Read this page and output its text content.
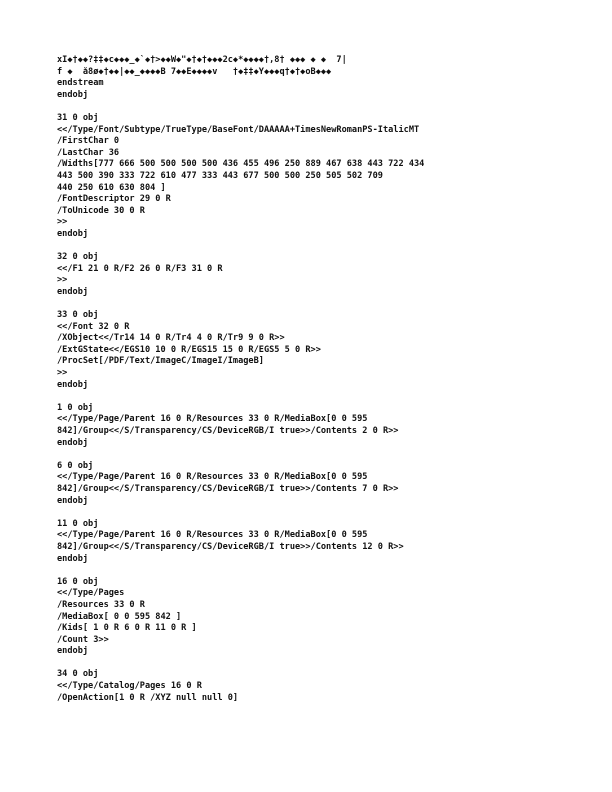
xI◆†◆◆?‡‡◆c◆◆◆_◆`◆†>◆◆W◆"◆†◆†◆◆◆2c◆*◆◆◆◆†,8† ◆◆◆ ◆ ◆  7|
f ◆  å8ø◆†◆◆|◆◆_◆◆◆◆B 7◆◆E◆◆◆◆v   †◆‡‡◆Y◆◆◆q†◆†◆oB◆◆◆
endstream
endobj
31 0 obj
<</Type/Font/Subtype/TrueType/BaseFont/DAAAAA+TimesNewRomanPS-ItalicMT
/FirstChar 0
/LastChar 36
/Widths[777 666 500 500 500 500 436 455 496 250 889 467 638 443 722 434
443 500 390 333 722 610 477 333 443 677 500 500 250 505 502 709
440 250 610 630 804 ]
/FontDescriptor 29 0 R
/ToUnicode 30 0 R
>>
endobj
32 0 obj
<</F1 21 0 R/F2 26 0 R/F3 31 0 R
>>
endobj
33 0 obj
<</Font 32 0 R
/XObject<</Tr14 14 0 R/Tr4 4 0 R/Tr9 9 0 R>>
/ExtGState<</EGS10 10 0 R/EGS15 15 0 R/EGS5 5 0 R>>
/ProcSet[/PDF/Text/ImageC/ImageI/ImageB]
>>
endobj
1 0 obj
<</Type/Page/Parent 16 0 R/Resources 33 0 R/MediaBox[0 0 595
842]/Group<</S/Transparency/CS/DeviceRGB/I true>>/Contents 2 0 R>>
endobj
6 0 obj
<</Type/Page/Parent 16 0 R/Resources 33 0 R/MediaBox[0 0 595
842]/Group<</S/Transparency/CS/DeviceRGB/I true>>/Contents 7 0 R>>
endobj
11 0 obj
<</Type/Page/Parent 16 0 R/Resources 33 0 R/MediaBox[0 0 595
842]/Group<</S/Transparency/CS/DeviceRGB/I true>>/Contents 12 0 R>>
endobj
16 0 obj
<</Type/Pages
/Resources 33 0 R
/MediaBox[ 0 0 595 842 ]
/Kids[ 1 0 R 6 0 R 11 0 R ]
/Count 3>>
endobj
34 0 obj
<</Type/Catalog/Pages 16 0 R
/OpenAction[1 0 R /XYZ null null 0]
